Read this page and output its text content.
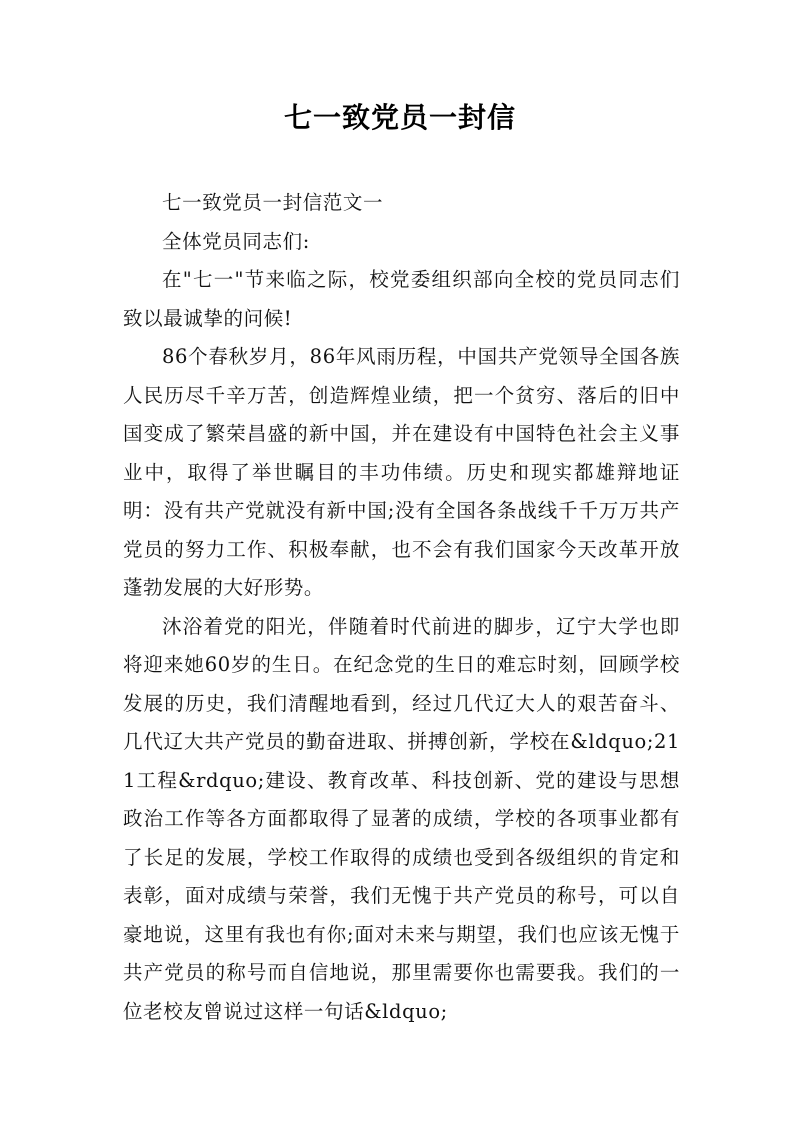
七一致党员一封信

七一致党员一封信范文一

全体党员同志们:

在"七一"节来临之际，校党委组织部向全校的党员同志们致以最诚挚的问候!

86个春秋岁月，86年风雨历程，中国共产党领导全国各族人民历尽千辛万苦，创造辉煌业绩，把一个贫穷、落后的旧中国变成了繁荣昌盛的新中国，并在建设有中国特色社会主义事业中，取得了举世瞩目的丰功伟绩。历史和现实都雄辩地证明：没有共产党就没有新中国;没有全国各条战线千千万万共产党员的努力工作、积极奉献，也不会有我们国家今天改革开放蓬勃发展的大好形势。

沐浴着党的阳光，伴随着时代前进的脚步，辽宁大学也即将迎来她60岁的生日。在纪念党的生日的难忘时刻，回顾学校发展的历史，我们清醒地看到，经过几代辽大人的艰苦奋斗、几代辽大共产党员的勤奋进取、拼搏创新，学校在&ldquo;211工程&rdquo;建设、教育改革、科技创新、党的建设与思想政治工作等各方面都取得了显著的成绩，学校的各项事业都有了长足的发展，学校工作取得的成绩也受到各级组织的肯定和表彰，面对成绩与荣誉，我们无愧于共产党员的称号，可以自豪地说，这里有我也有你;面对未来与期望，我们也应该无愧于共产党员的称号而自信地说，那里需要你也需要我。我们的一位老校友曾说过这样一句话&ldquo;
